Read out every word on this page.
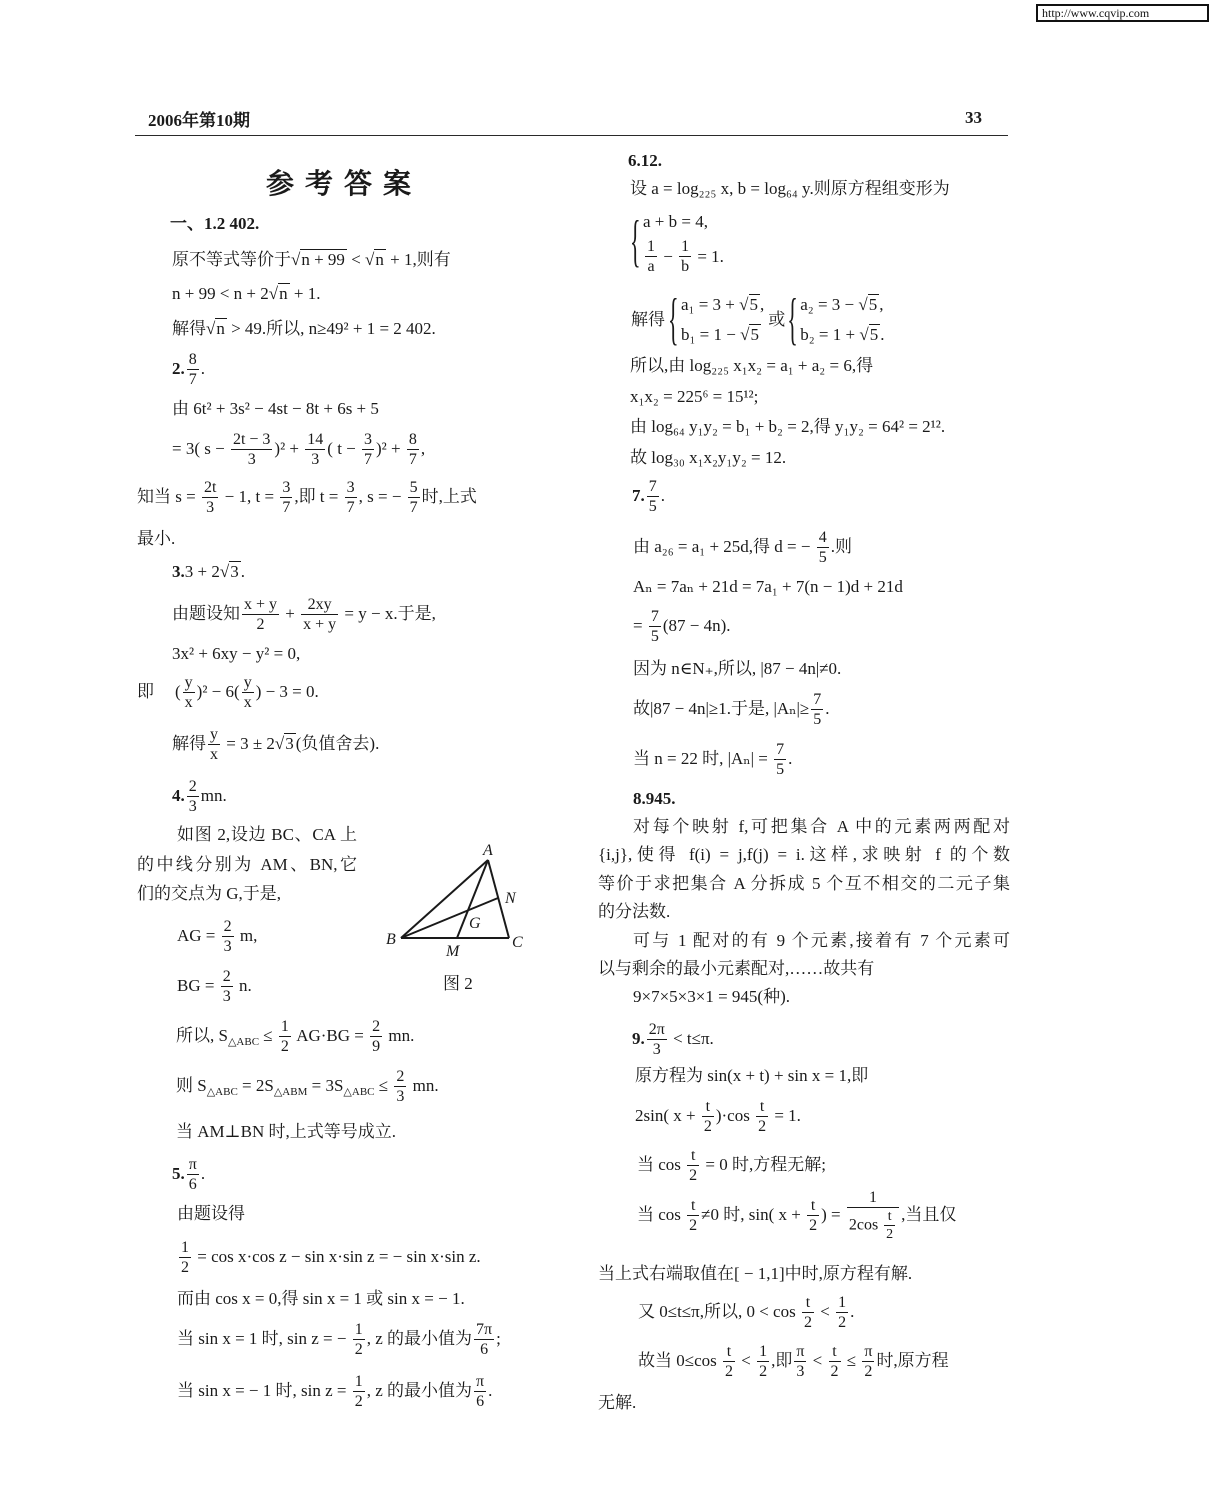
http://www.cqvip.com
2006年第10期	33
参 考 答 案
一、1.2 402.
原不等式等价于 √ n + 99 < √ n + 1,则有
n + 99 < n + 2 √ n + 1.
解得 √ n > 49.所以, n≥49² + 1 = 2 402.
2. $\frac{8}{7}$ .
由 6t² + 3s² − 4st − 8t + 6s + 5
= 3( $s - \frac{2t - 3}{3} )^2 + \frac{14}{3}$ ( $t - \frac{3}{7} )^2 + \frac{8}{7}$ ,
知当 $s = \frac{2t}{3} - 1$, $t = \frac{3}{7}$ ,即 $t = \frac{3}{7}$ , s = − $\frac{5}{7}$ 时,上式
最小.
3.3 + 2 √ 3 .
由题设知 $\frac{x + y}{2} + \frac{2xy}{x + y} = y - x$.于是,
3x² + 6xy − y² = 0,
即 ( $\frac{y}{x} )^2 - 6( \frac{y}{x}$ ) − 3 = 0.
解得 $\frac{y}{x} = 3 \pm 2$ √ 3 (负值舍去).
4. $\frac{2}{3}$ mn.
如图 2,设边 BC、CA 上
的中线分别为 AM、BN,它
们的交点为 G,于是,
AG = $\frac{2}{3} m$,
BG = $\frac{2}{3} n$.
A
N
G
B	C
M
图 2
所以, $S_{\triangle ABC} \le \frac{1}{2} AG\cdot BG = \frac{2}{9}$ mn.
则 $S_{\triangle ABC} = 2S_{\triangle ABM} = 3S_{\triangle ABC} \le \frac{2}{3}$ mn.
当 AM⊥BN 时,上式等号成立.
5. $\frac{\pi}{6}$ .
由题设得
$\frac{1}{2} = \cos x\cdot\cos$ z − sin x·sin z = − sin x·sin z.
而由 cos x = 0,得 sin x = 1 或 sin x = − 1.
当 sin x = 1 时, sin z = − $\frac{1}{2}$ , z 的最小值为 $\frac{7\pi}{6}$ ;
当 sin x = − 1 时, $\sin z = \frac{1}{2}$ , z 的最小值为 $\frac{\pi}{6}$ .
6.12.
设 a = log₂₂₅ x, b = log₆₄ y.则原方程组变形为
{
a + b = 4,
$\frac{1}{a} - \frac{1}{b} = 1$.
解得
{
a₁ = 3 + √ 5 ,
b₁ = 1 − √ 5
或
{
a₂ = 3 − √ 5 ,
b₂ = 1 + √ 5 .
所以,由 log₂₂₅ x₁x₂ = a₁ + a₂ = 6,得
x₁x₂ = 225⁶ = 15¹²;
由 log₆₄ y₁y₂ = b₁ + b₂ = 2,得 y₁y₂ = 64² = 2¹².
故 log₃₀ x₁x₂y₁y₂ = 12.
7. $\frac{7}{5}$ .
由 a₂₆ = a₁ + 25d,得 d = − $\frac{4}{5}$ .则
Aₙ = 7aₙ + 21d = 7a₁ + 7(n − 1)d + 21d
= $\frac{7}{5} (87 - 4n)$.
因为 n∈N₊,所以, |87 − 4n|≠0.
故|87 − 4n|≥1.于是, $|A_n|\ge \frac{7}{5}$ .
当 n = 22 时, $|A_n| = \frac{7}{5}$ .
8.945.
对每个映射 f,可把集合 A 中的元素两两配对
{i,j},使得 f(i) = j,f(j) = i.这样,求映射 f 的个数
等价于求把集合 A 分拆成 5 个互不相交的二元子集
的分法数.
可与 1 配对的有 9 个元素,接着有 7 个元素可
以与剩余的最小元素配对,……故共有
9×7×5×3×1 = 945(种).
9. $\frac{2\pi}{3} < t\le\pi$.
原方程为 sin(x + t) + sin x = 1,即
2sin( $x + \frac{t}{2} )\cdot\cos \frac{t}{2} = 1$.
当 $\cos \frac{t}{2} = 0$ 时,方程无解;
当 $\cos \frac{t}{2} \ne 0$ 时, sin( $x + \frac{t}{2}$ ) = $\frac{1}{2\cos \frac{t}{2}}$ ,当且仅
当上式右端取值在[ − 1,1]中时,原方程有解.
又 0≤t≤π,所以, $0 < \cos \frac{t}{2} < \frac{1}{2}$ .
故当 $0\le\cos \frac{t}{2} < \frac{1}{2}$ ,即 $\frac{\pi}{3} < \frac{t}{2} \le \frac{\pi}{2}$ 时,原方程
无解.
